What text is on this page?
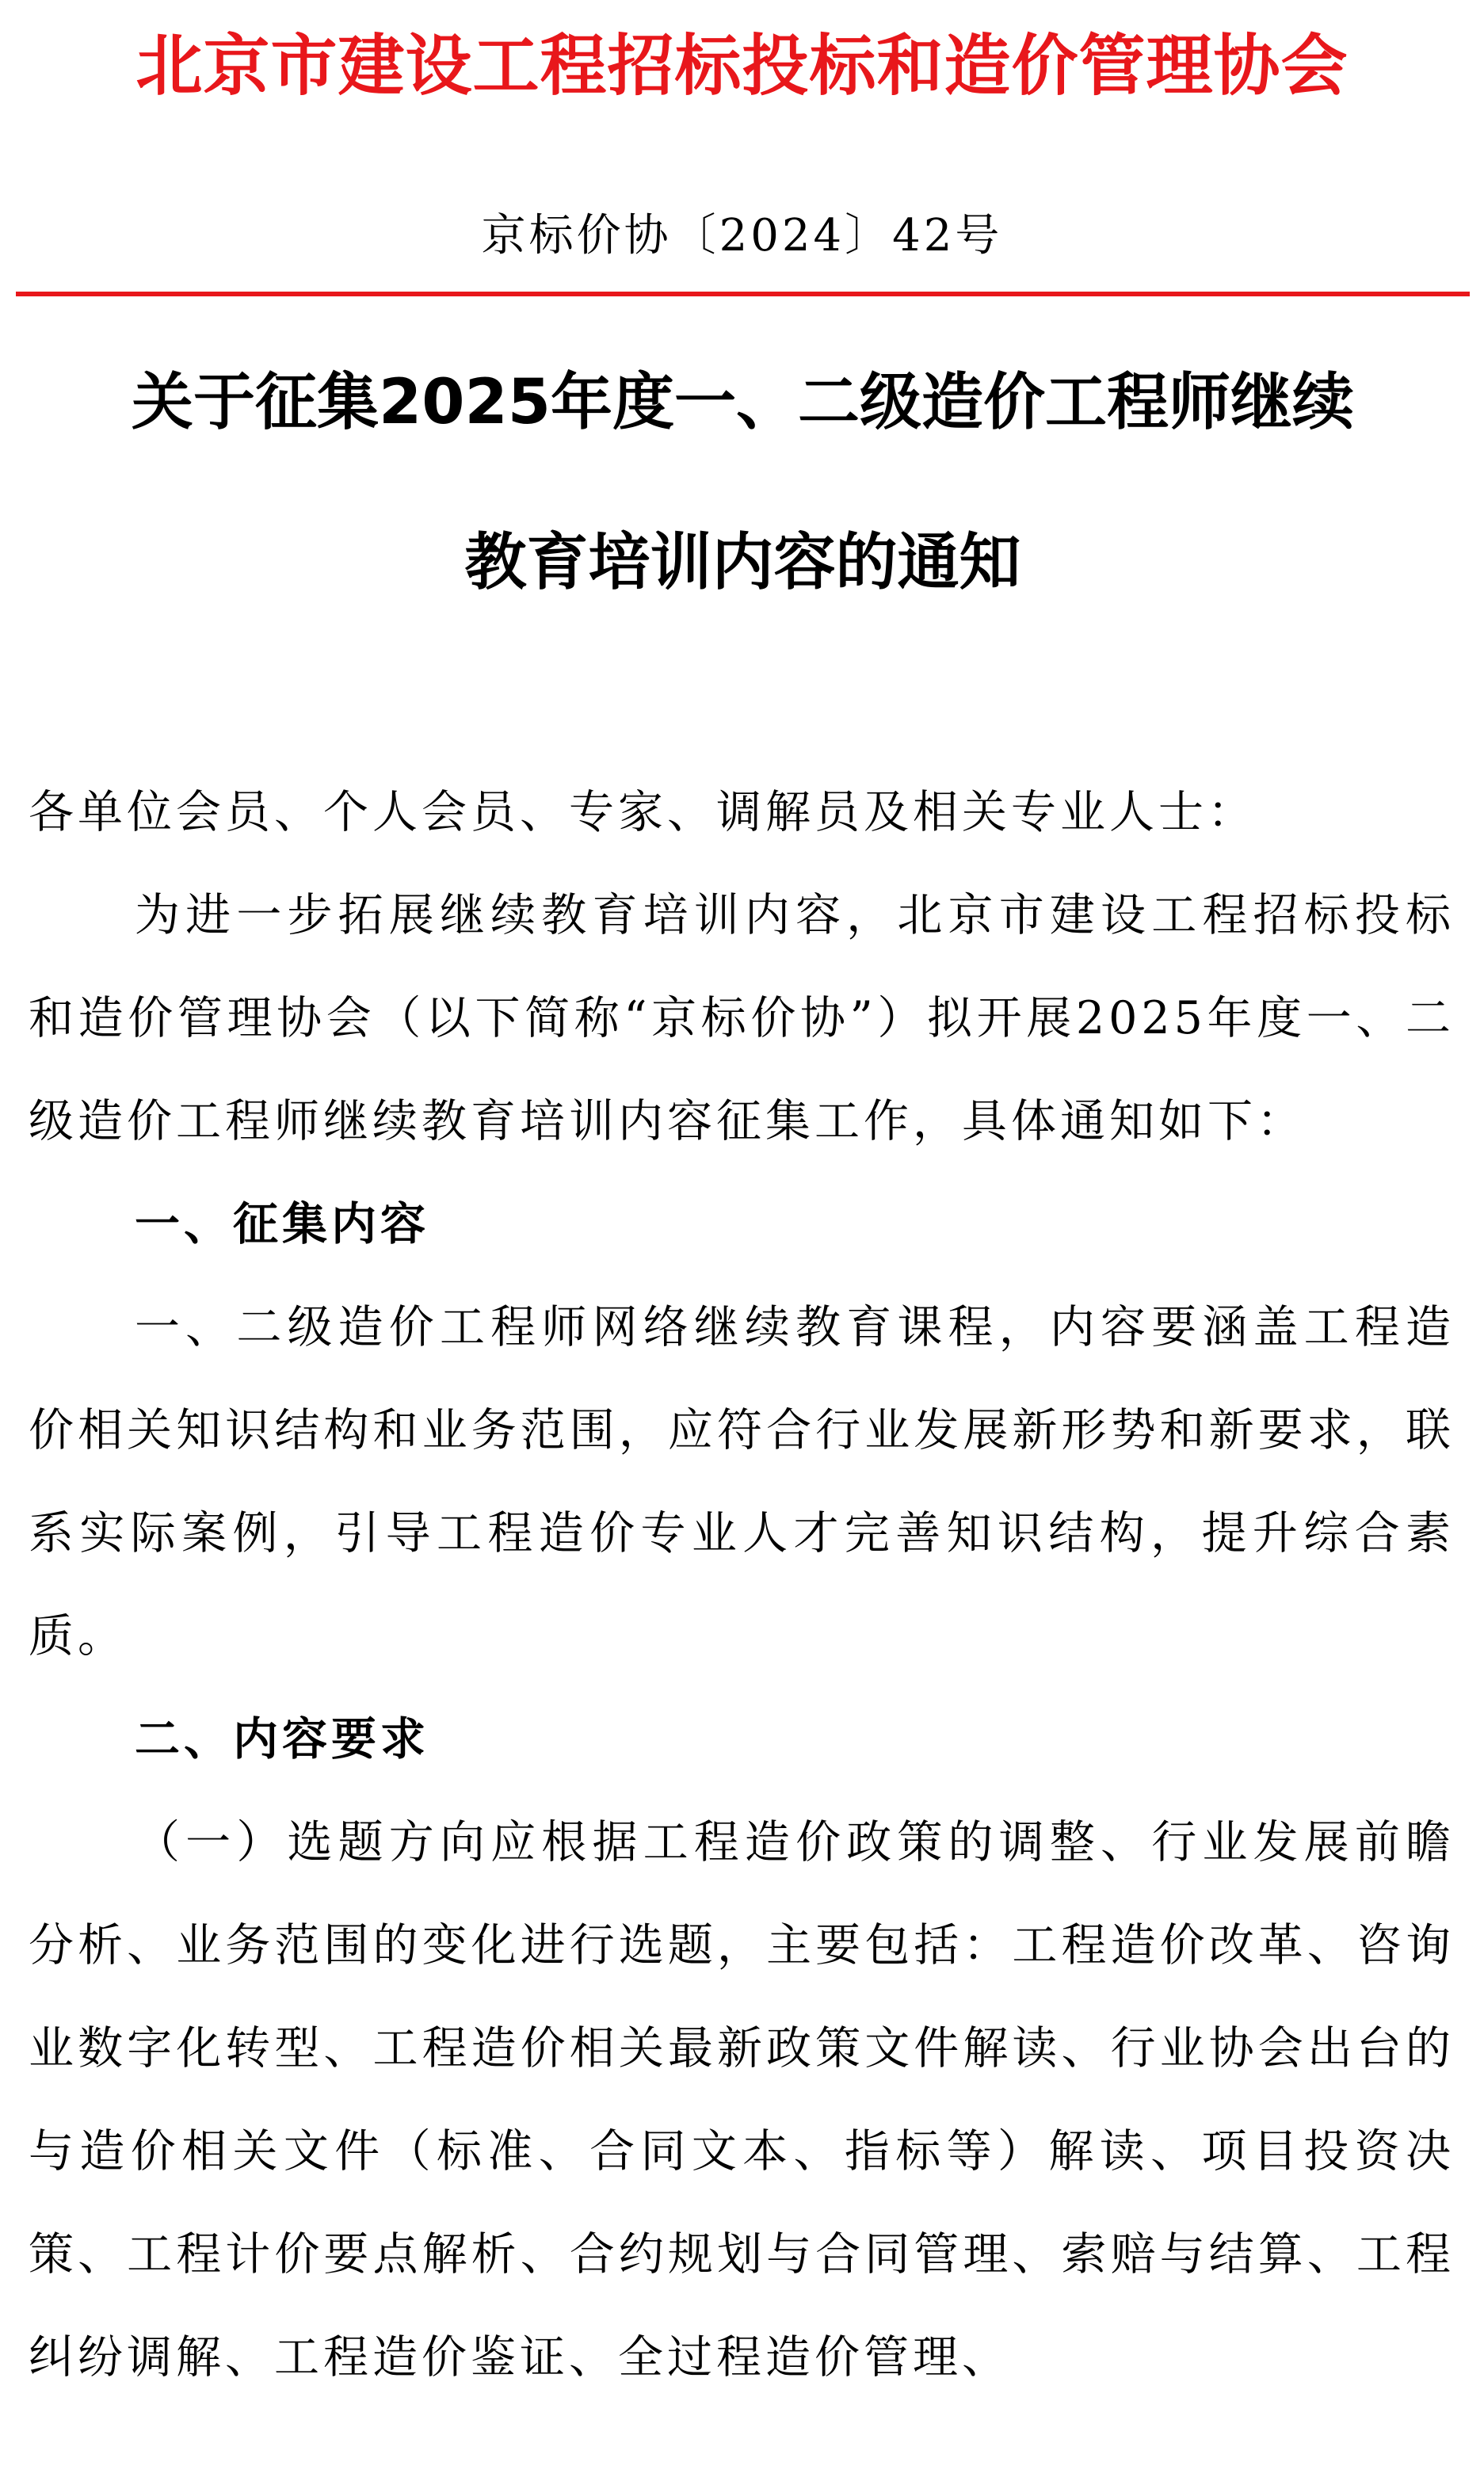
北京市建设工程招标投标和造价管理协会
京标价协〔2024〕42号
关于征集2025年度一、二级造价工程师继续
教育培训内容的通知

各单位会员、个人会员、专家、调解员及相关专业人士：

为进一步拓展继续教育培训内容，北京市建设工程招标投标和造价管理协会（以下简称“京标价协”）拟开展2025年度一、二级造价工程师继续教育培训内容征集工作，具体通知如下：

一、征集内容

一、二级造价工程师网络继续教育课程，内容要涵盖工程造价相关知识结构和业务范围，应符合行业发展新形势和新要求，联系实际案例，引导工程造价专业人才完善知识结构，提升综合素质。

二、内容要求

（一）选题方向应根据工程造价政策的调整、行业发展前瞻分析、业务范围的变化进行选题，主要包括：工程造价改革、咨询业数字化转型、工程造价相关最新政策文件解读、行业协会出台的与造价相关文件（标准、合同文本、指标等）解读、项目投资决策、工程计价要点解析、合约规划与合同管理、索赔与结算、工程纠纷调解、工程造价鉴证、全过程造价管理、
